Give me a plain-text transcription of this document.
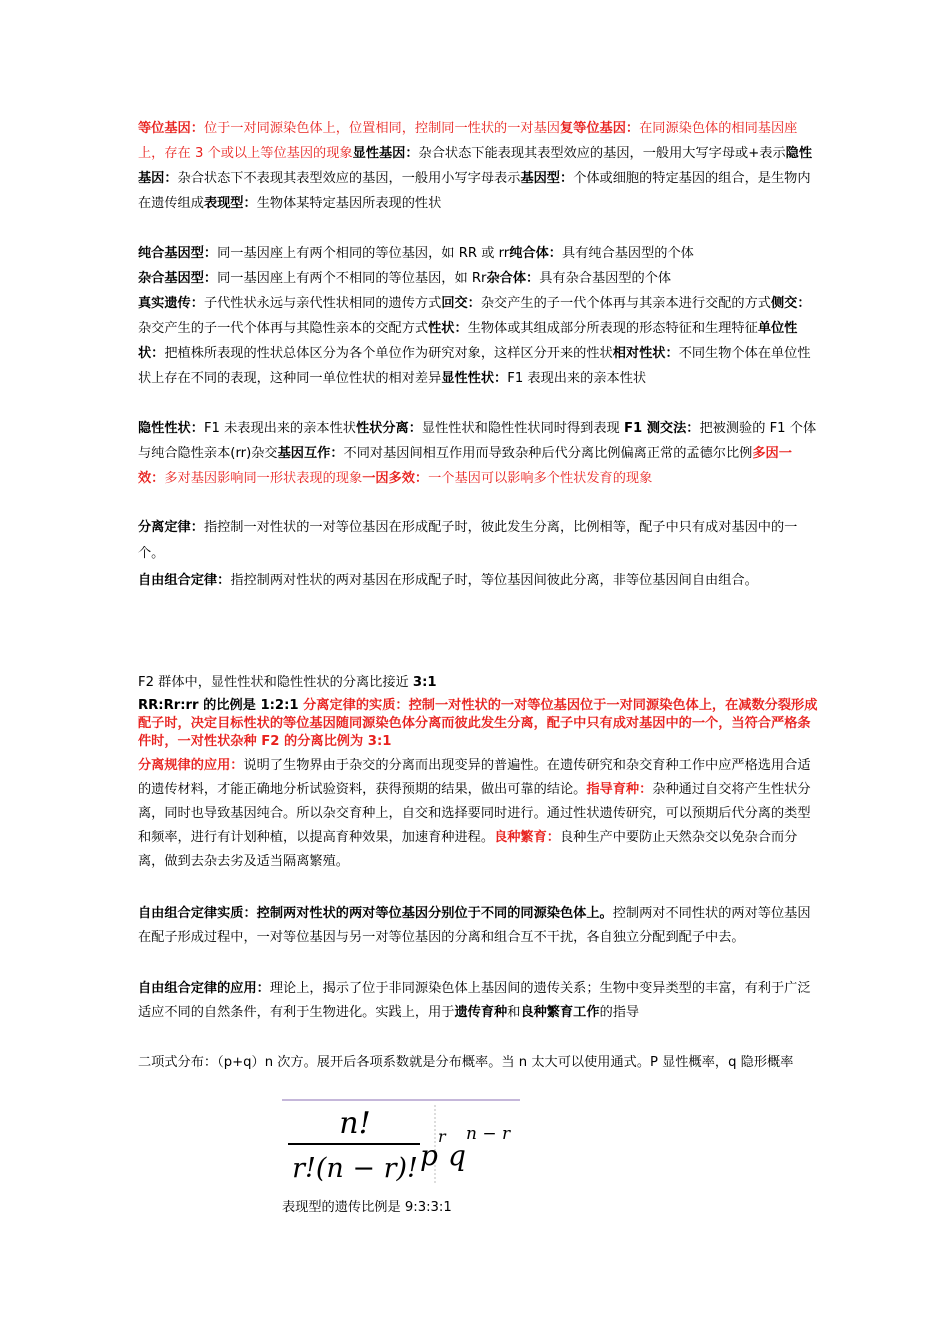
等位基因：位于一对同源染色体上，位置相同，控制同一性状的一对基因复等位基因：在同源染色体的相同基因座上，存在 3 个或以上等位基因的现象显性基因：杂合状态下能表现其表型效应的基因，一般用大写字母或+表示隐性基因：杂合状态下不表现其表型效应的基因，一般用小写字母表示基因型：个体或细胞的特定基因的组合，是生物内在遗传组成表现型：生物体某特定基因所表现的性状
纯合基因型：同一基因座上有两个相同的等位基因，如 RR 或 rr纯合体：具有纯合基因型的个体
杂合基因型：同一基因座上有两个不相同的等位基因，如 Rr杂合体：具有杂合基因型的个体
真实遗传：子代性状永远与亲代性状相同的遗传方式回交：杂交产生的子一代个体再与其亲本进行交配的方式侧交：杂交产生的子一代个体再与其隐性亲本的交配方式性状：生物体或其组成部分所表现的形态特征和生理特征单位性状：把植株所表现的性状总体区分为各个单位作为研究对象，这样区分开来的性状相对性状：不同生物个体在单位性状上存在不同的表现，这种同一单位性状的相对差异显性性状：F1 表现出来的亲本性状
隐性性状：F1 未表现出来的亲本性状性状分离：显性性状和隐性性状同时得到表现 F1 测交法：把被测验的 F1 个体与纯合隐性亲本(rr)杂交基因互作：不同对基因间相互作用而导致杂种后代分离比例偏离正常的孟德尔比例多因一效：多对基因影响同一形状表现的现象一因多效：一个基因可以影响多个性状发育的现象
分离定律：指控制一对性状的一对等位基因在形成配子时，彼此发生分离，比例相等，配子中只有成对基因中的一个。
自由组合定律：指控制两对性状的两对基因在形成配子时，等位基因间彼此分离，非等位基因间自由组合。
F2 群体中，显性性状和隐性性状的分离比接近 3:1
RR:Rr:rr 的比例是 1:2:1 分离定律的实质：控制一对性状的一对等位基因位于一对同源染色体上，在减数分裂形成配子时，决定目标性状的等位基因随同源染色体分离而彼此发生分离，配子中只有成对基因中的一个，当符合严格条件时，一对性状杂种 F2 的分离比例为 3:1
分离规律的应用：说明了生物界由于杂交的分离而出现变异的普遍性。在遗传研究和杂交育种工作中应严格选用合适的遗传材料，才能正确地分析试验资料，获得预期的结果，做出可靠的结论。指导育种：杂种通过自交将产生性状分离，同时也导致基因纯合。所以杂交育种上，自交和选择要同时进行。通过性状遗传研究，可以预期后代分离的类型和频率，进行有计划种植，以提高育种效果，加速育种进程。良种繁育：良种生产中要防止天然杂交以免杂合而分离，做到去杂去劣及适当隔离繁殖。
自由组合定律实质：控制两对性状的两对等位基因分别位于不同的同源染色体上。控制两对不同性状的两对等位基因在配子形成过程中，一对等位基因与另一对等位基因的分离和组合互不干扰，各自独立分配到配子中去。
自由组合定律的应用：理论上，揭示了位于非同源染色体上基因间的遗传关系；生物中变异类型的丰富，有利于广泛适应不同的自然条件，有利于生物进化。实践上，用于遗传育种和良种繁育工作的指导
二项式分布：（p+q）n 次方。展开后各项系数就是分布概率。当 n 太大可以使用通式。P 显性概率，q 隐形概率
n!
r!(n − r)! p
r
q
n − r
表现型的遗传比例是 9:3:3:1
